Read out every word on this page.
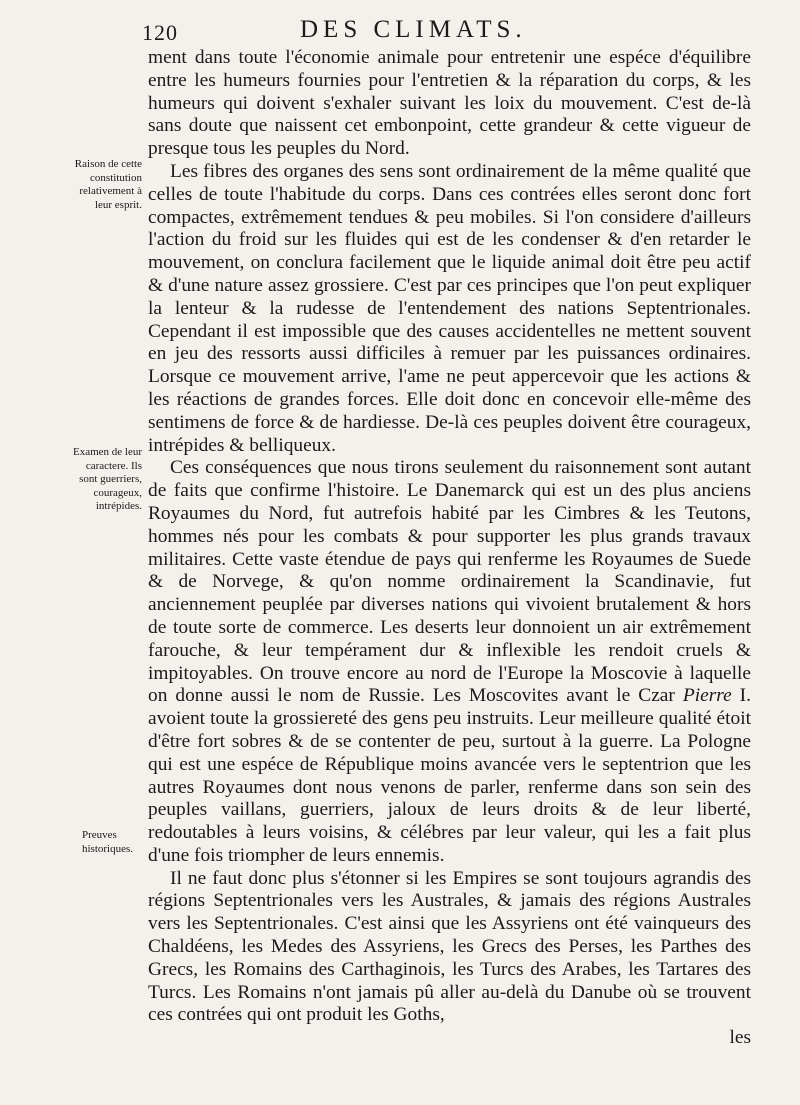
120	DES CLIMATS.
Raison de cette constitution relativement à leur esprit.
Examen de leur caractere. Ils sont guerriers, courageux, intrépides.
Preuves historiques.

ment dans toute l'économie animale pour entretenir une espéce d'équilibre entre les humeurs fournies pour l'entretien & la réparation du corps, & les humeurs qui doivent s'exhaler suivant les loix du mouvement. C'est de-là sans doute que naissent cet embonpoint, cette grandeur & cette vigueur de presque tous les peuples du Nord.

Les fibres des organes des sens sont ordinairement de la même qualité que celles de toute l'habitude du corps. Dans ces contrées elles seront donc fort compactes, extrêmement tendues & peu mobiles. Si l'on considere d'ailleurs l'action du froid sur les fluides qui est de les condenser & d'en retarder le mouvement, on conclura facilement que le liquide animal doit être peu actif & d'une nature assez grossiere. C'est par ces principes que l'on peut expliquer la lenteur & la rudesse de l'entendement des nations Septentrionales. Cependant il est impossible que des causes accidentelles ne mettent souvent en jeu des ressorts aussi difficiles à remuer par les puissances ordinaires. Lorsque ce mouvement arrive, l'ame ne peut appercevoir que les actions & les réactions de grandes forces. Elle doit donc en concevoir elle-même des sentimens de force & de hardiesse. De-là ces peuples doivent être courageux, intrépides & belliqueux.

Ces conséquences que nous tirons seulement du raisonnement sont autant de faits que confirme l'histoire. Le Danemarck qui est un des plus anciens Royaumes du Nord, fut autrefois habité par les Cimbres & les Teutons, hommes nés pour les combats & pour supporter les plus grands travaux militaires. Cette vaste étendue de pays qui renferme les Royaumes de Suede & de Norvege, & qu'on nomme ordinairement la Scandinavie, fut anciennement peuplée par diverses nations qui vivoient brutalement & hors de toute sorte de commerce. Les deserts leur donnoient un air extrêmement farouche, & leur tempérament dur & inflexible les rendoit cruels & impitoyables. On trouve encore au nord de l'Europe la Moscovie à laquelle on donne aussi le nom de Russie. Les Moscovites avant le Czar Pierre I. avoient toute la grossiereté des gens peu instruits. Leur meilleure qualité étoit d'être fort sobres & de se contenter de peu, surtout à la guerre. La Pologne qui est une espéce de République moins avancée vers le septentrion que les autres Royaumes dont nous venons de parler, renferme dans son sein des peuples vaillans, guerriers, jaloux de leurs droits & de leur liberté, redoutables à leurs voisins, & célébres par leur valeur, qui les a fait plus d'une fois triompher de leurs ennemis.

Il ne faut donc plus s'étonner si les Empires se sont toujours agrandis des régions Septentrionales vers les Australes, & jamais des régions Australes vers les Septentrionales. C'est ainsi que les Assyriens ont été vainqueurs des Chaldéens, les Medes des Assyriens, les Grecs des Perses, les Parthes des Grecs, les Romains des Carthaginois, les Turcs des Arabes, les Tartares des Turcs. Les Romains n'ont jamais pû aller au-delà du Danube où se trouvent ces contrées qui ont produit les Goths,
les
